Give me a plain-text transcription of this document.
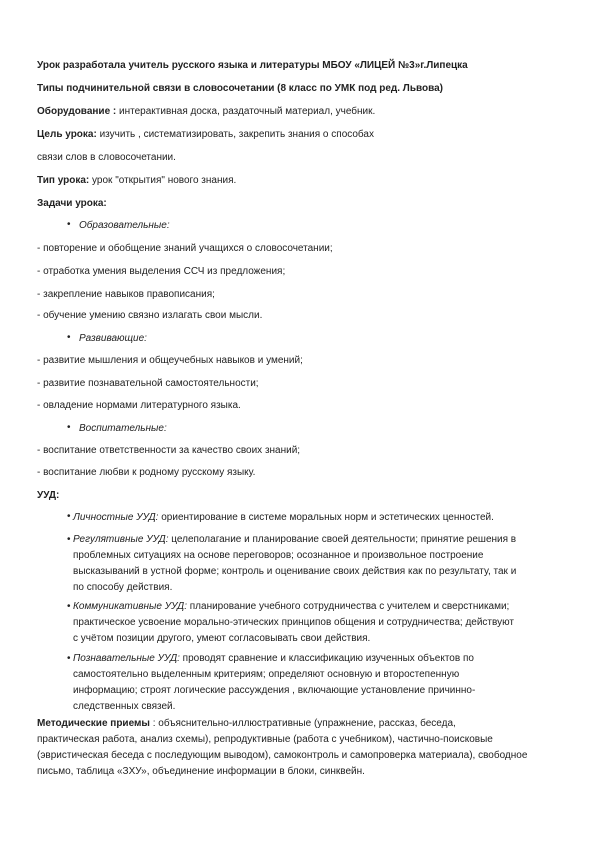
Урок разработала учитель русского языка и литературы МБОУ «ЛИЦЕЙ №3»г.Липецка
Типы подчинительной связи в словосочетании (8 класс по УМК под ред. Львова)
Оборудование : интерактивная доска, раздаточный материал, учебник.
Цель урока: изучить , систематизировать, закрепить знания о способах
связи слов в словосочетании.
Тип урока: урок "открытия" нового знания.
Задачи урока:
• Образовательные:
- повторение и обобщение знаний учащихся о словосочетании;
- отработка умения выделения ССЧ из предложения;
- закрепление навыков правописания;
- обучение умению связно излагать свои мысли.
• Развивающие:
- развитие мышления и общеучебных навыков и умений;
- развитие познавательной самостоятельности;
- овладение нормами литературного языка.
• Воспитательные:
- воспитание ответственности за качество своих знаний;
- воспитание любви к родному русскому языку.
УУД:
• Личностные УУД: ориентирование в системе моральных норм и эстетических ценностей.
• Регулятивные УУД: целеполагание и планирование своей деятельности; принятие решения в
проблемных ситуациях на основе переговоров; осознанное и произвольное построение
высказываний в устной форме; контроль и оценивание своих действия как по результату, так и
по способу действия.
• Коммуникативные УУД: планирование учебного сотрудничества с учителем и сверстниками;
практическое усвоение морально-этических принципов общения и сотрудничества; действуют
с учётом позиции другого, умеют согласовывать свои действия.
• Познавательные УУД: проводят сравнение и классификацию изученных объектов по
самостоятельно выделенным критериям; определяют основную и второстепенную
информацию; строят логические рассуждения , включающие установление причинно-
следственных связей.
Методические приемы : объяснительно-иллюстративные (упражнение, рассказ, беседа,
практическая работа, анализ схемы), репродуктивные (работа с учебником), частично-поисковые
(эвристическая беседа с последующим выводом), самоконтроль и самопроверка материала), свободное
письмо, таблица «ЗХУ», объединение информации в блоки, синквейн.
